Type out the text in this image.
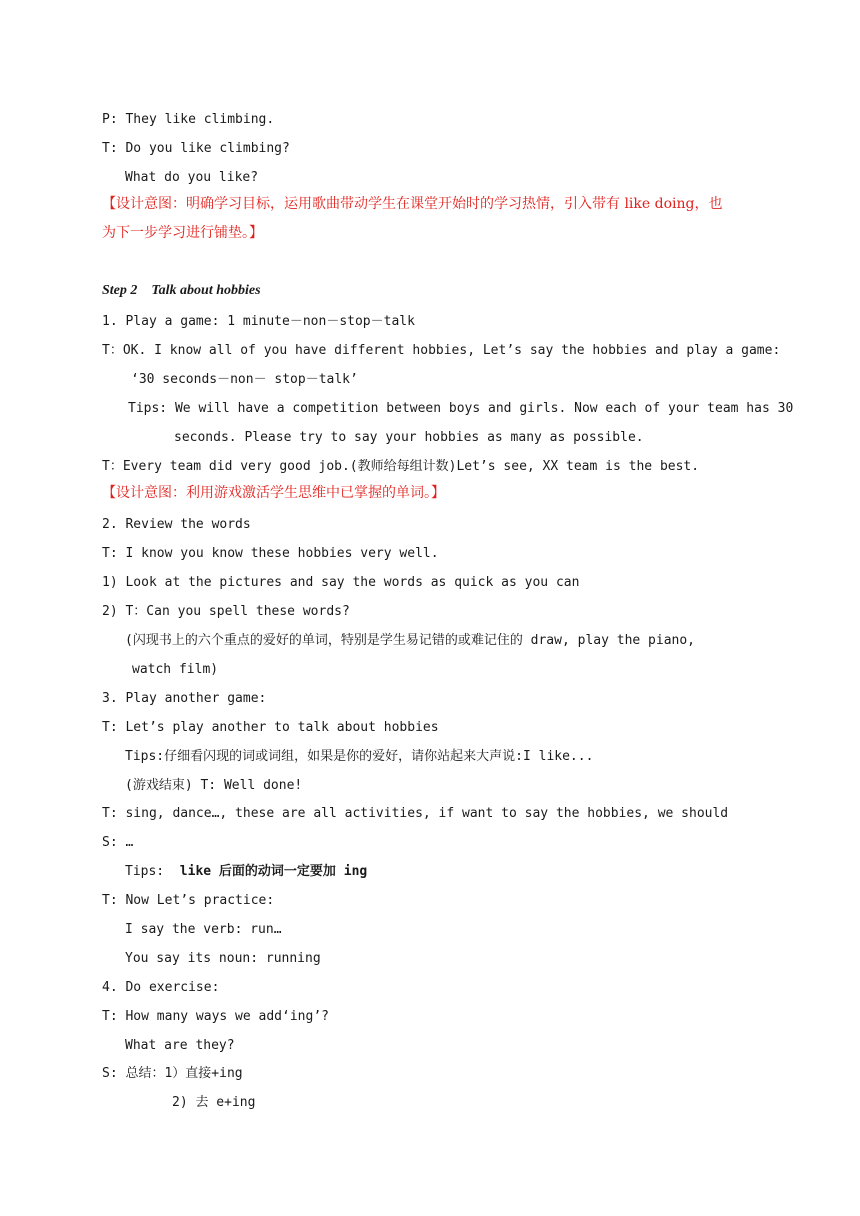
P: They like climbing.
T: Do you like climbing?
What do you like?
【设计意图：明确学习目标，运用歌曲带动学生在课堂开始时的学习热情，引入带有 like doing，也
为下一步学习进行铺垫。】
Step 2    Talk about hobbies
1. Play a game: 1 minute－non－stop－talk
T：OK. I know all of you have different hobbies, Let’s say the hobbies and play a game:
‘30 seconds－non－ stop－talk’
Tips: We will have a competition between boys and girls. Now each of your team has 30
seconds. Please try to say your hobbies as many as possible.
T：Every team did very good job.(教师给每组计数)Let’s see, XX team is the best.
【设计意图：利用游戏激活学生思维中已掌握的单词。】
2. Review the words
T: I know you know these hobbies very well.
1) Look at the pictures and say the words as quick as you can
2) T：Can you spell these words?
(闪现书上的六个重点的爱好的单词，特别是学生易记错的或难记住的 draw, play the piano,
watch film)
3. Play another game:
T: Let’s play another to talk about hobbies
Tips:仔细看闪现的词或词组，如果是你的爱好，请你站起来大声说:I like...
(游戏结束) T: Well done!
T: sing, dance…, these are all activities, if want to say the hobbies, we should
S: …
Tips:  like 后面的动词一定要加 ing
T: Now Let’s practice:
I say the verb: run…
You say its noun: running
4. Do exercise:
T: How many ways we add‘ing’?
What are they?
S: 总结：1）直接+ing
2) 去 e+ing
